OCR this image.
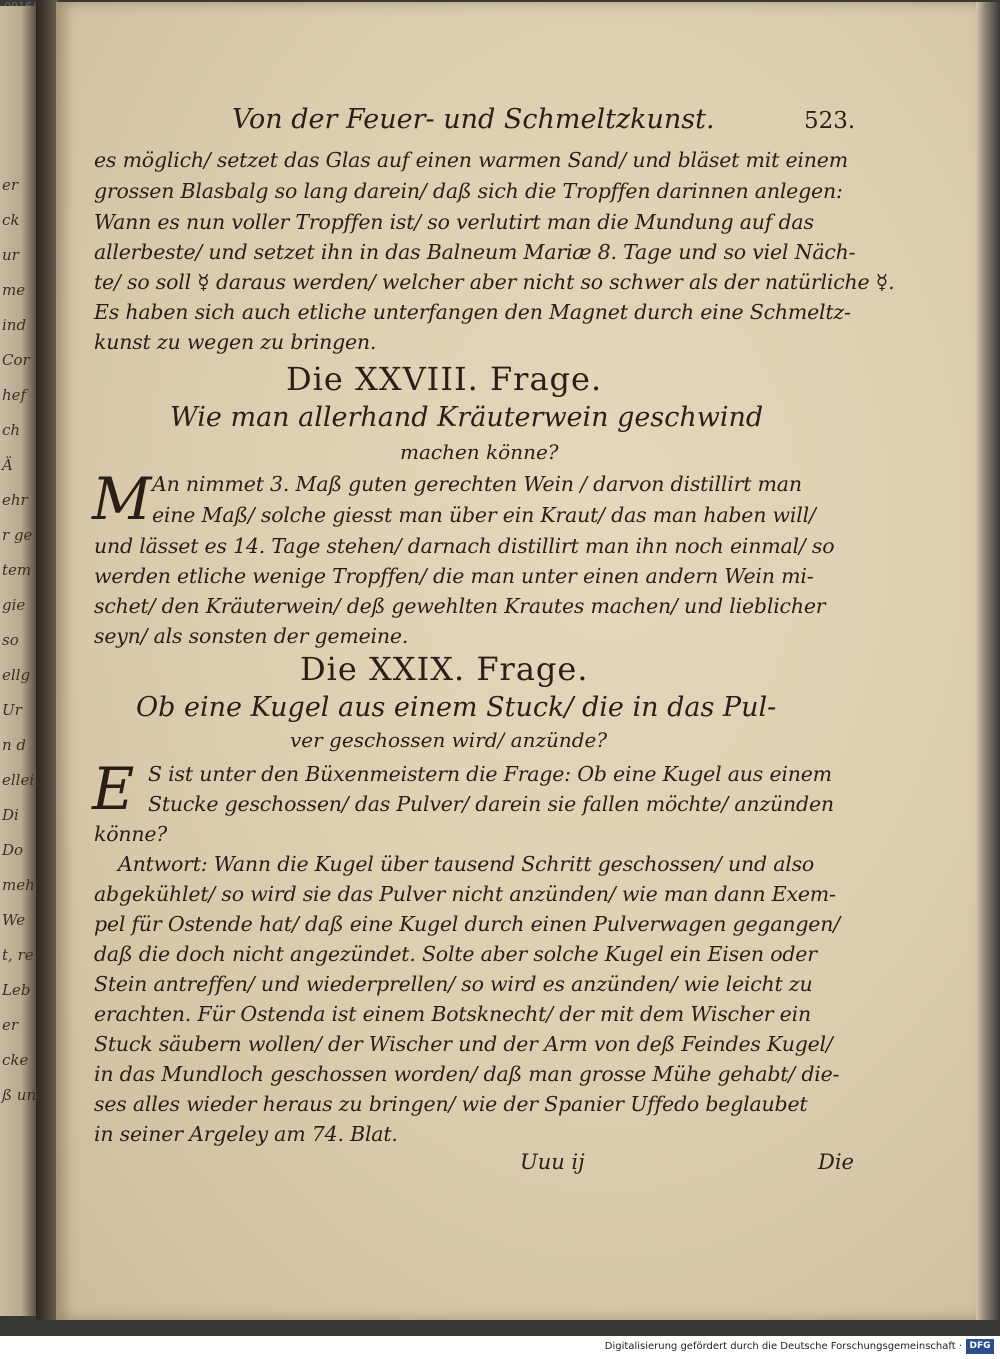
er
ck
ur
me
ind
Cor
hef
ch
Ä
ehr
r ge
tem
gie
so
ellg
Ur
n d
ellei
Di
Do
meh
We
t, re
Leb
er
cke
ß un
Von der Feuer- und Schmeltzkunst.	523.
es möglich/ setzet das Glas auf einen warmen Sand/ und bläset mit einem
grossen Blasbalg so lang darein/ daß sich die Tropffen darinnen anlegen:
Wann es nun voller Tropffen ist/ so verlutirt man die Mundung auf das
allerbeste/ und setzet ihn in das Balneum Mariæ 8. Tage und so viel Näch-
te/ so soll ☿ daraus werden/ welcher aber nicht so schwer als der natürliche ☿.
Es haben sich auch etliche unterfangen den Magnet durch eine Schmeltz-
kunst zu wegen zu bringen.
Die XXVIII. Frage.
Wie man allerhand Kräuterwein geschwind
machen könne?
M An nimmet 3. Maß guten gerechten Wein / darvon distillirt man
eine Maß/ solche giesst man über ein Kraut/ das man haben will/
und lässet es 14. Tage stehen/ darnach distillirt man ihn noch einmal/ so
werden etliche wenige Tropffen/ die man unter einen andern Wein mi-
schet/ den Kräuterwein/ deß gewehlten Krautes machen/ und lieblicher
seyn/ als sonsten der gemeine.
Die XXIX. Frage.
Ob eine Kugel aus einem Stuck/ die in das Pul-
ver geschossen wird/ anzünde?
E S ist unter den Büxenmeistern die Frage: Ob eine Kugel aus einem
Stucke geschossen/ das Pulver/ darein sie fallen möchte/ anzünden
könne?
Antwort: Wann die Kugel über tausend Schritt geschossen/ und also
abgekühlet/ so wird sie das Pulver nicht anzünden/ wie man dann Exem-
pel für Ostende hat/ daß eine Kugel durch einen Pulverwagen gegangen/
daß die doch nicht angezündet. Solte aber solche Kugel ein Eisen oder
Stein antreffen/ und wiederprellen/ so wird es anzünden/ wie leicht zu
erachten. Für Ostenda ist einem Botsknecht/ der mit dem Wischer ein
Stuck säubern wollen/ der Wischer und der Arm von deß Feindes Kugel/
in das Mundloch geschossen worden/ daß man grosse Mühe gehabt/ die-
ses alles wieder heraus zu bringen/ wie der Spanier Uffedo beglaubet
in seiner Argeley am 74. Blat.
Uuu ij	Die
Digitalisierung gefördert durch die Deutsche Forschungsgemeinschaft · DFG
